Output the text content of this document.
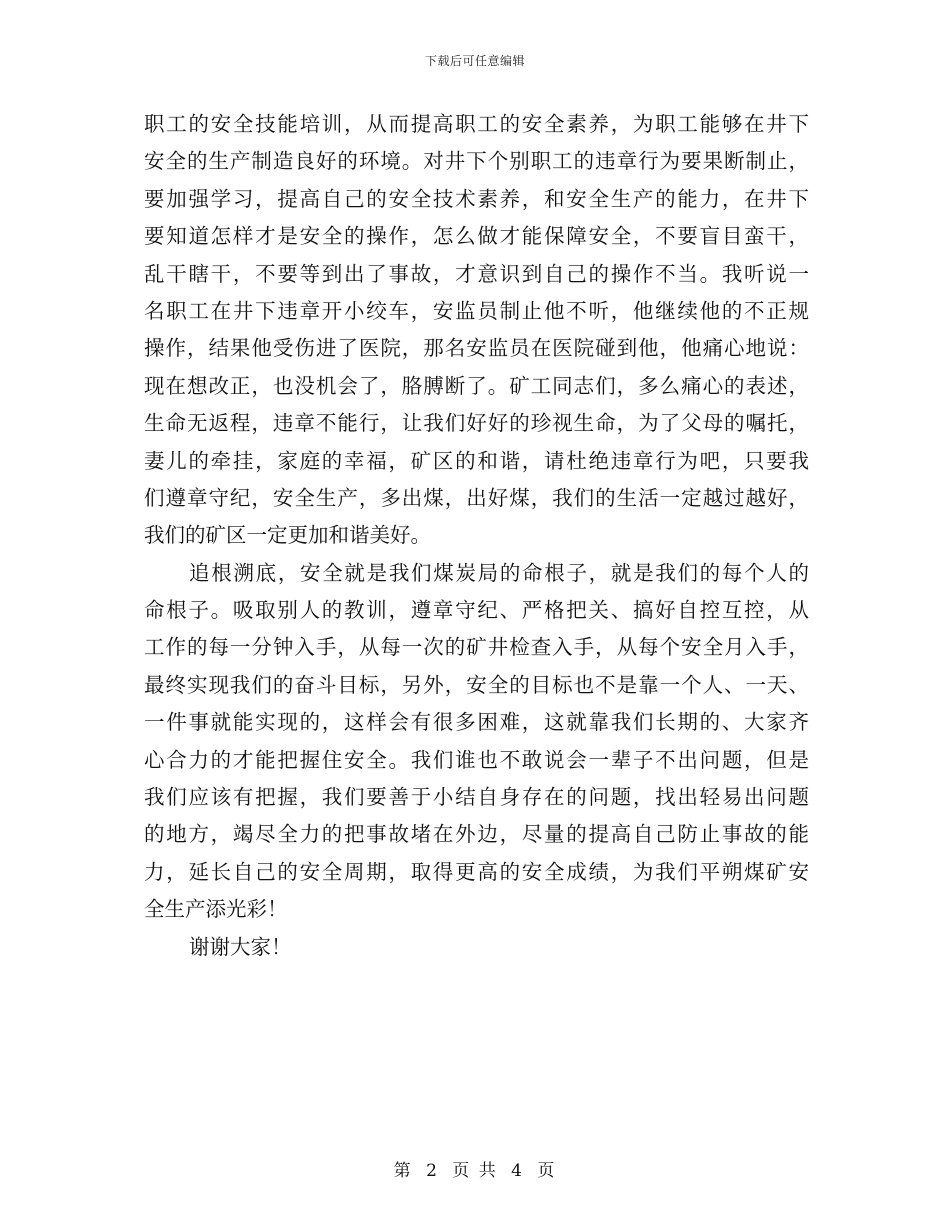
下载后可任意编辑
职工的安全技能培训，从而提高职工的安全素养，为职工能够在井下
安全的生产制造良好的环境。对井下个别职工的违章行为要果断制止，
要加强学习，提高自己的安全技术素养，和安全生产的能力，在井下
要知道怎样才是安全的操作，怎么做才能保障安全，不要盲目蛮干，
乱干瞎干，不要等到出了事故，才意识到自己的操作不当。我听说一
名职工在井下违章开小绞车，安监员制止他不听，他继续他的不正规
操作，结果他受伤进了医院，那名安监员在医院碰到他，他痛心地说：
现在想改正，也没机会了，胳膊断了。矿工同志们，多么痛心的表述，
生命无返程，违章不能行，让我们好好的珍视生命，为了父母的嘱托，
妻儿的牵挂，家庭的幸福，矿区的和谐，请杜绝违章行为吧，只要我
们遵章守纪，安全生产，多出煤，出好煤，我们的生活一定越过越好，
我们的矿区一定更加和谐美好。
追根溯底，安全就是我们煤炭局的命根子，就是我们的每个人的
命根子。吸取别人的教训，遵章守纪、严格把关、搞好自控互控，从
工作的每一分钟入手，从每一次的矿井检查入手，从每个安全月入手，
最终实现我们的奋斗目标，另外，安全的目标也不是靠一个人、一天、
一件事就能实现的，这样会有很多困难，这就靠我们长期的、大家齐
心合力的才能把握住安全。我们谁也不敢说会一辈子不出问题，但是
我们应该有把握，我们要善于小结自身存在的问题，找出轻易出问题
的地方，竭尽全力的把事故堵在外边，尽量的提高自己防止事故的能
力，延长自己的安全周期，取得更高的安全成绩，为我们平朔煤矿安
全生产添光彩！
谢谢大家！
第 2 页 共 4 页
